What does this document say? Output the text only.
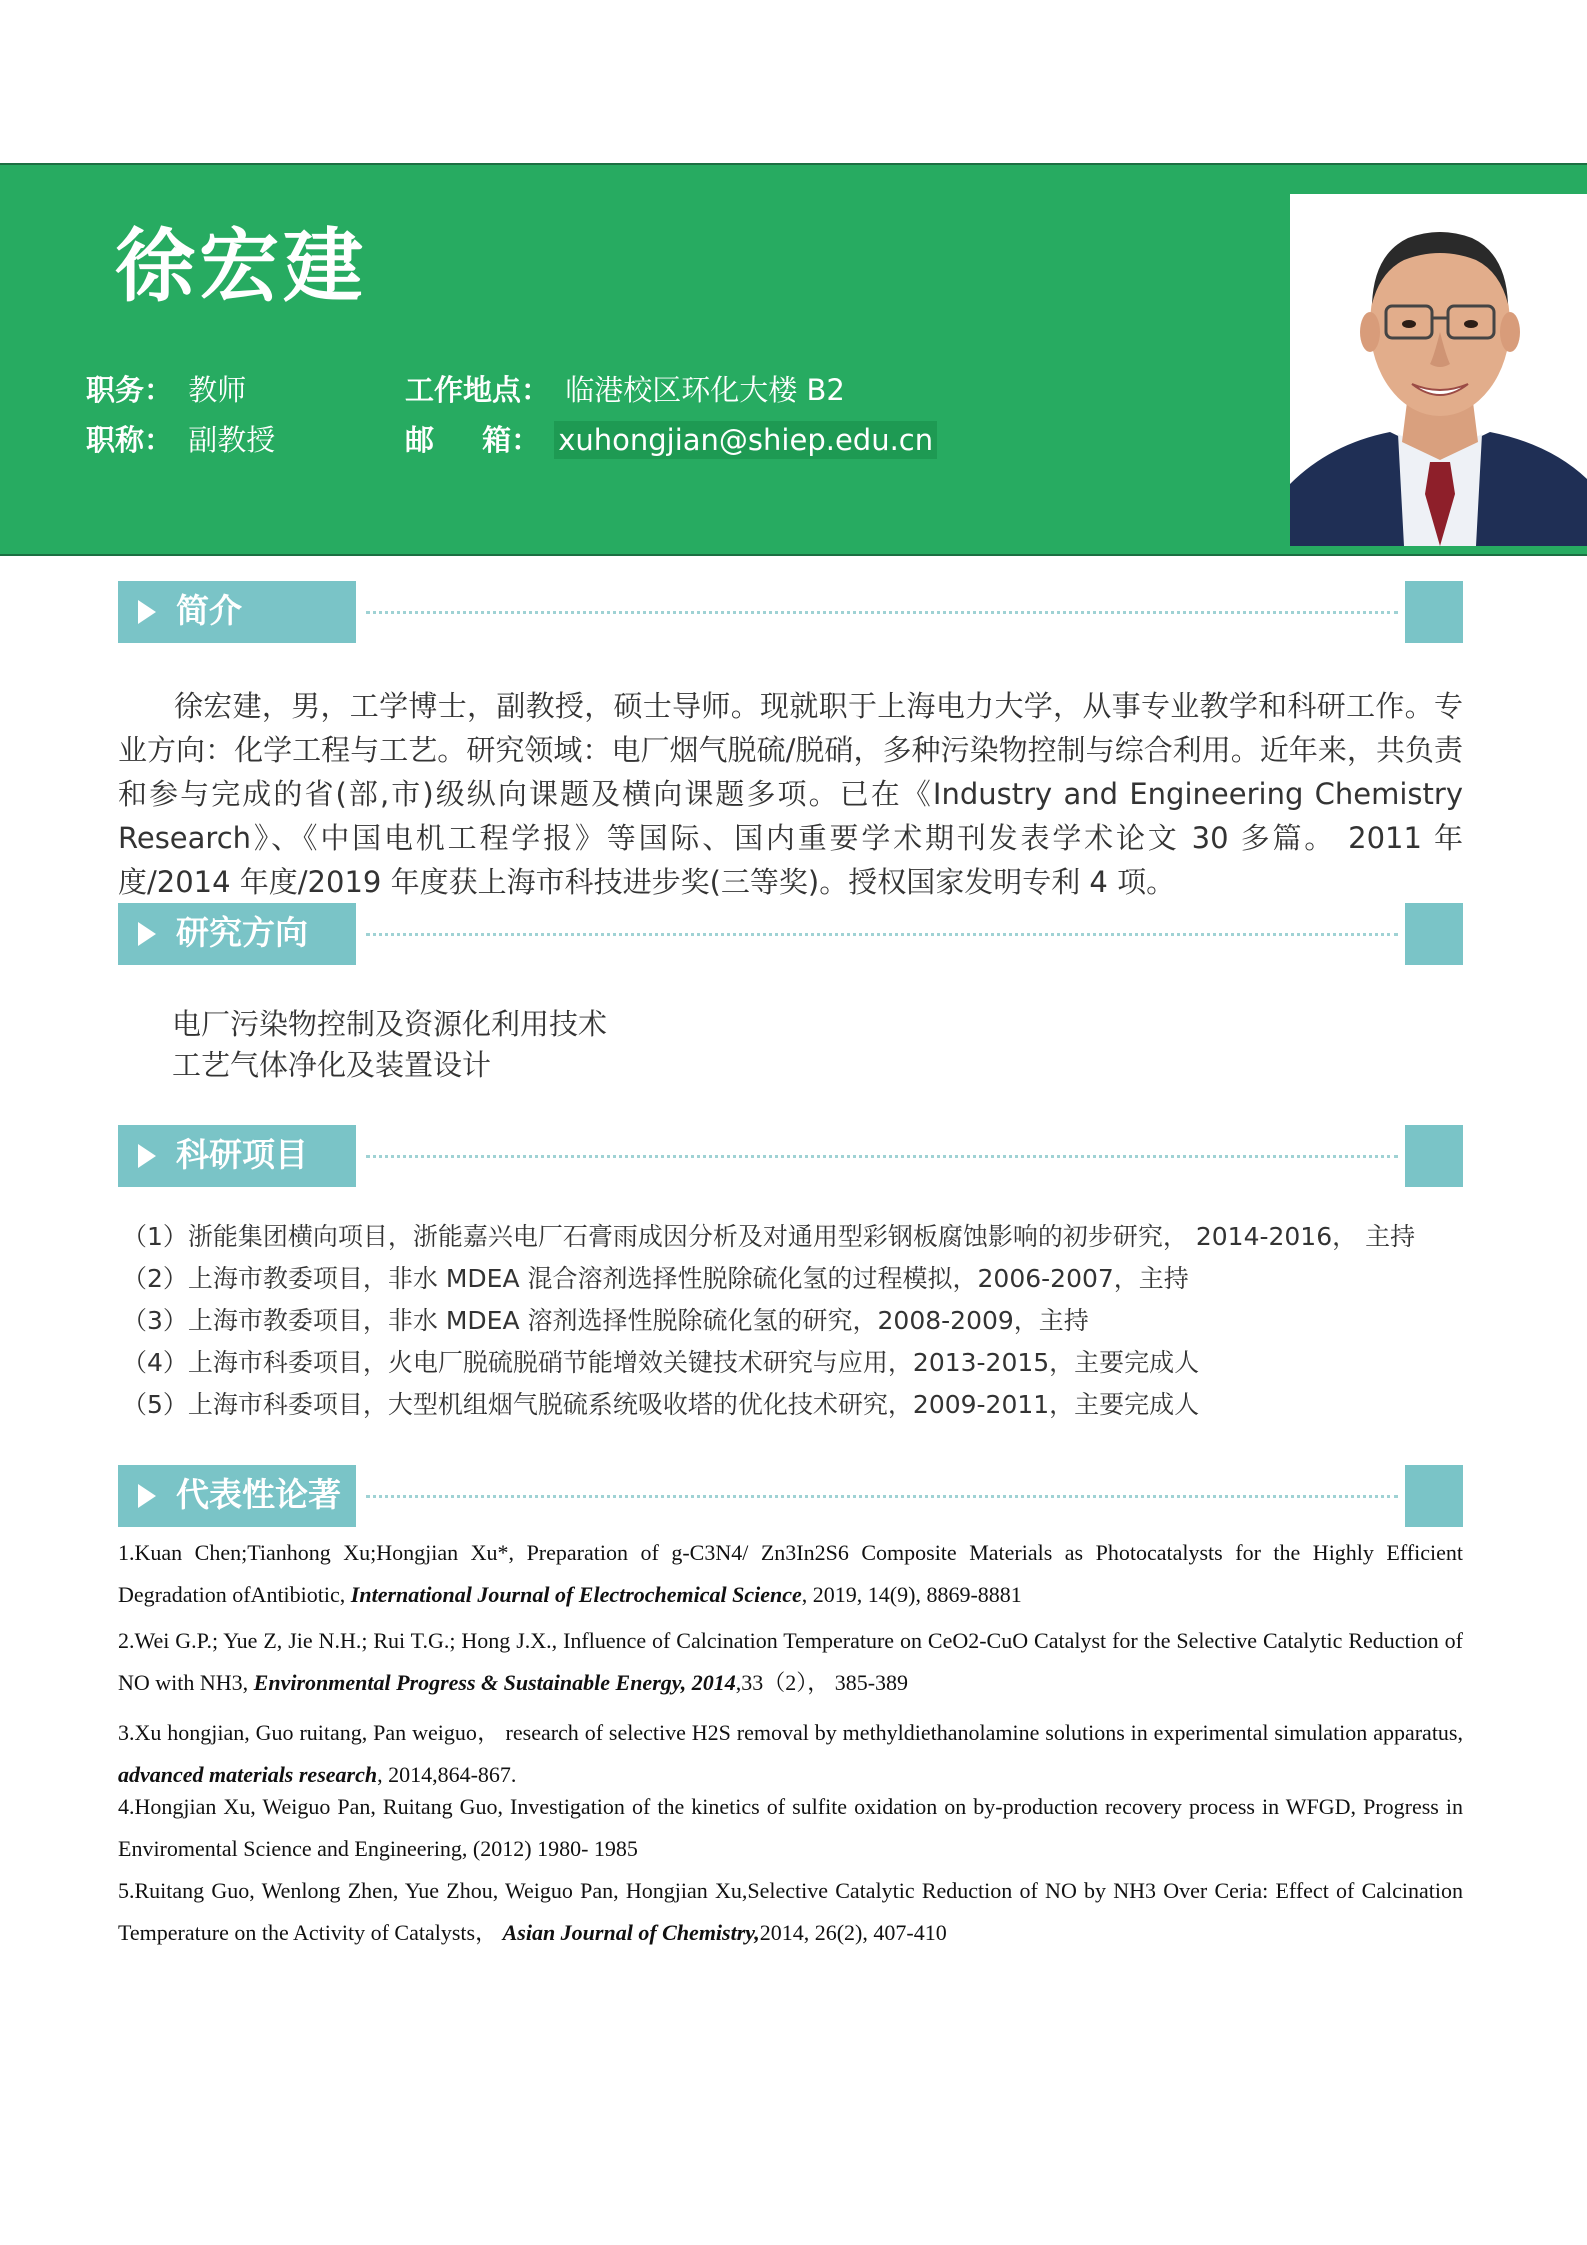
徐宏建
职务： 教师
职称： 副教授
工作地点： 临港校区环化大楼 B2
邮 箱： xuhongjian@shiep.edu.cn
简介
徐宏建，男，工学博士，副教授，硕士导师。现就职于上海电力大学，从事专业教学和科研工作。专业方向：化学工程与工艺。研究领域：电厂烟气脱硫/脱硝，多种污染物控制与综合利用。近年来，共负责和参与完成的省(部,市)级纵向课题及横向课题多项。已在《Industry and Engineering Chemistry Research》、《中国电机工程学报》等国际、国内重要学术期刊发表学术论文 30 多篇。 2011 年度/2014 年度/2019 年度获上海市科技进步奖(三等奖)。授权国家发明专利 4 项。
研究方向
电厂污染物控制及资源化利用技术
工艺气体净化及装置设计
科研项目
（1）浙能集团横向项目，浙能嘉兴电厂石膏雨成因分析及对通用型彩钢板腐蚀影响的初步研究， 2014-2016， 主持
（2）上海市教委项目，非水 MDEA 混合溶剂选择性脱除硫化氢的过程模拟，2006-2007，主持
（3）上海市教委项目，非水 MDEA 溶剂选择性脱除硫化氢的研究，2008-2009，主持
（4）上海市科委项目，火电厂脱硫脱硝节能增效关键技术研究与应用，2013-2015，主要完成人
（5）上海市科委项目，大型机组烟气脱硫系统吸收塔的优化技术研究，2009-2011，主要完成人
代表性论著
1.Kuan Chen;Tianhong Xu;Hongjian Xu*, Preparation of g-C3N4/ Zn3In2S6 Composite Materials as Photocatalysts for the Highly Efficient Degradation ofAntibiotic, International Journal of Electrochemical Science, 2019, 14(9), 8869-8881
2.Wei G.P.; Yue Z, Jie N.H.; Rui T.G.; Hong J.X., Influence of Calcination Temperature on CeO2-CuO Catalyst for the Selective Catalytic Reduction of NO with NH3, Environmental Progress & Sustainable Energy, 2014,33（2）， 385-389
3.Xu hongjian, Guo ruitang, Pan weiguo， research of selective H2S removal by methyldiethanolamine solutions in experimental simulation apparatus, advanced materials research, 2014,864-867.
4.Hongjian Xu, Weiguo Pan, Ruitang Guo, Investigation of the kinetics of sulfite oxidation on by-production recovery process in WFGD, Progress in Enviromental Science and Engineering, (2012) 1980- 1985
5.Ruitang Guo, Wenlong Zhen, Yue Zhou, Weiguo Pan, Hongjian Xu,Selective Catalytic Reduction of NO by NH3 Over Ceria: Effect of Calcination Temperature on the Activity of Catalysts， Asian Journal of Chemistry,2014, 26(2), 407-410
